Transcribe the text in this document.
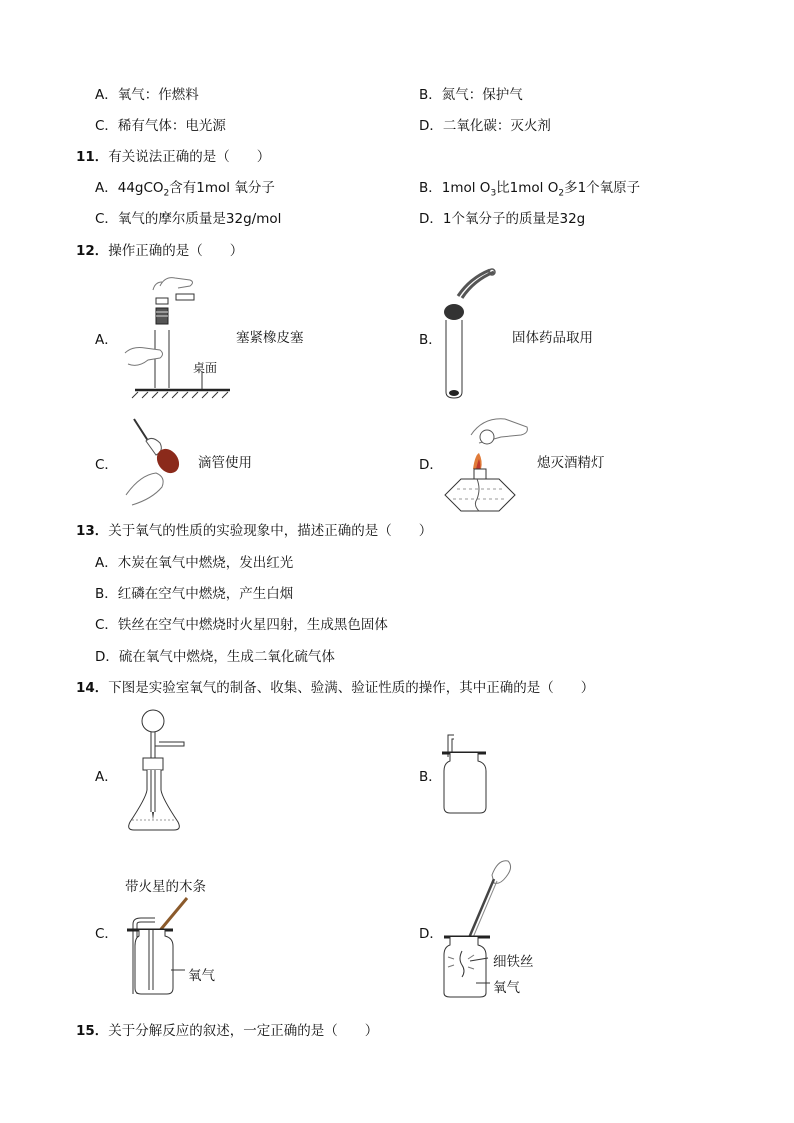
A．氧气：作燃料	B．氮气：保护气
C．稀有气体：电光源	D．二氧化碳：灭火剂
11．有关说法正确的是（　　）
A．44gCO$_2$含有1mol 氧分子	B．1mol $O_3$比1mol $O_2$多1个氧原子
C．氧气的摩尔质量是32g/mol	D．1个氧分子的质量是32g
12．操作正确的是（　　）
A．
桌面
塞紧橡皮塞	B．	固体药品取用
C．	滴管使用	D．	熄灭酒精灯
13．关于氧气的性质的实验现象中，描述正确的是（　　）
A．木炭在氧气中燃烧，发出红光
B．红磷在空气中燃烧，产生白烟
C．铁丝在空气中燃烧时火星四射，生成黑色固体
D．硫在氧气中燃烧，生成二氧化硫气体
14．下图是实验室氧气的制备、收集、验满、验证性质的操作，其中正确的是（　　）
A．	B．
C．
带火星的木条
氧气
D．
细铁丝
氧气
15．关于分解反应的叙述，一定正确的是（　　）
